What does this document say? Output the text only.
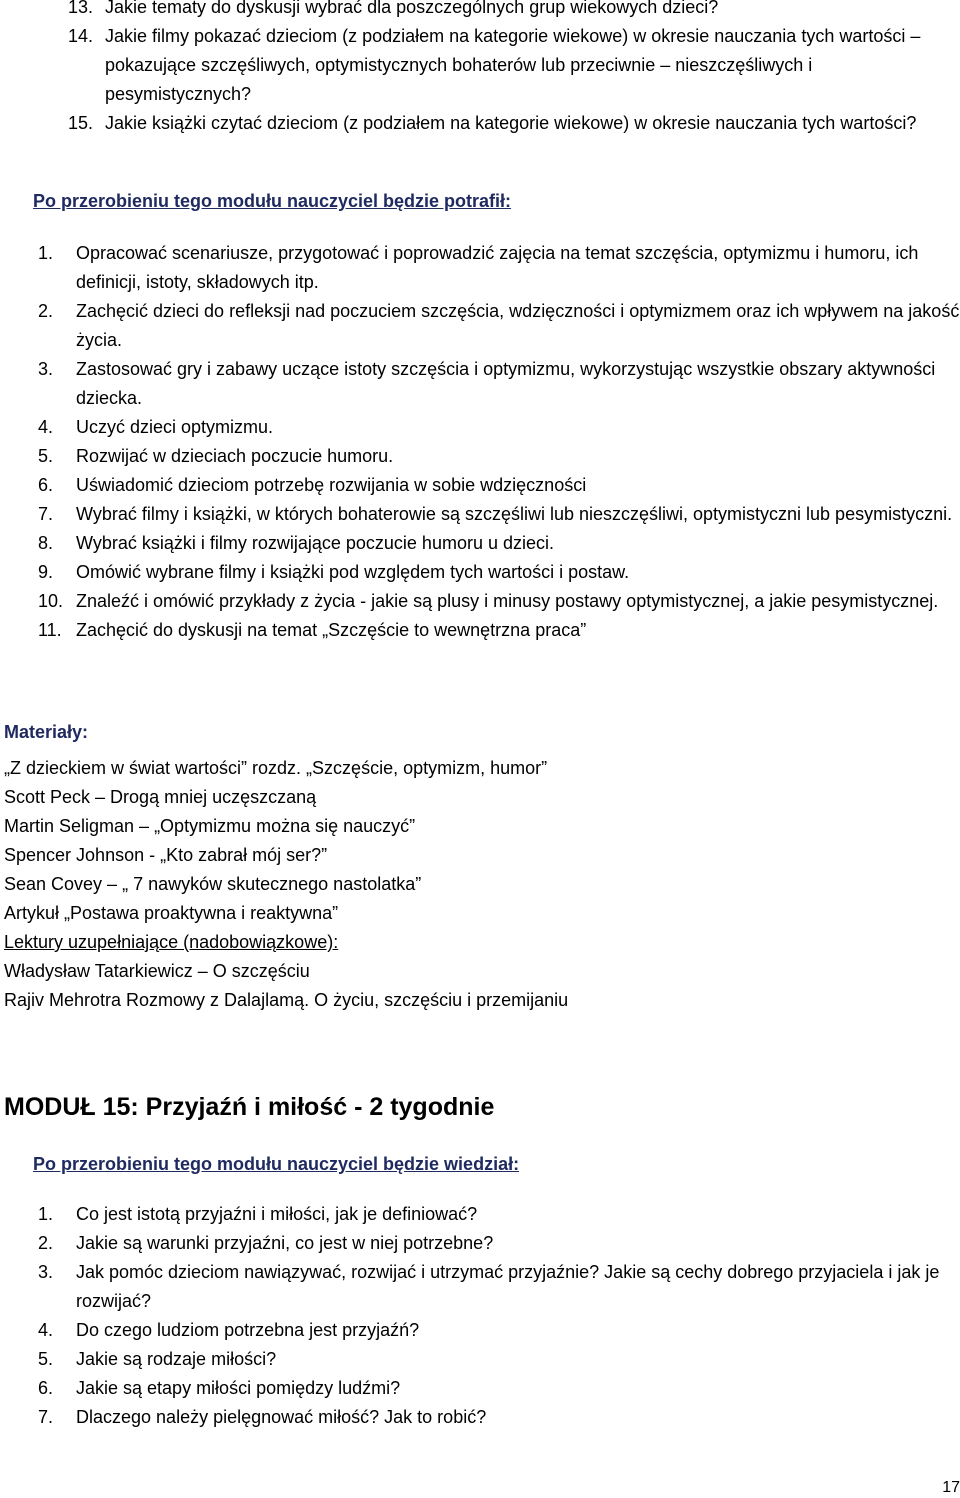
13. Jakie tematy do dyskusji wybrać dla poszczególnych grup wiekowych dzieci?
14. Jakie filmy pokazać dzieciom (z podziałem na kategorie wiekowe) w okresie nauczania tych wartości – pokazujące szczęśliwych, optymistycznych bohaterów lub przeciwnie – nieszczęśliwych i pesymistycznych?
15. Jakie książki czytać dzieciom (z podziałem na kategorie wiekowe) w okresie nauczania tych wartości?
Po przerobieniu tego modułu nauczyciel będzie potrafił:
1. Opracować scenariusze, przygotować i poprowadzić zajęcia na temat szczęścia, optymizmu i humoru, ich definicji, istoty, składowych itp.
2. Zachęcić dzieci do refleksji nad poczuciem szczęścia, wdzięczności i optymizmem oraz ich wpływem na jakość życia.
3. Zastosować gry i zabawy uczące istoty szczęścia i optymizmu, wykorzystując wszystkie obszary aktywności dziecka.
4. Uczyć dzieci optymizmu.
5. Rozwijać w dzieciach poczucie humoru.
6. Uświadomić dzieciom potrzebę rozwijania w sobie wdzięczności
7. Wybrać filmy i książki, w których bohaterowie są szczęśliwi lub nieszczęśliwi, optymistyczni lub pesymistyczni.
8. Wybrać książki i filmy rozwijające poczucie humoru u dzieci.
9. Omówić wybrane filmy i książki pod względem tych wartości i postaw.
10. Znaleźć i omówić przykłady z życia - jakie są plusy i minusy postawy optymistycznej, a jakie pesymistycznej.
11. Zachęcić do dyskusji na temat „Szczęście to wewnętrzna praca”
Materiały:
„Z dzieckiem w świat wartości” rozdz. „Szczęście, optymizm, humor”
Scott Peck – Drogą mniej uczęszczaną
Martin Seligman – „Optymizmu można się nauczyć”
Spencer Johnson - „Kto zabrał mój ser?”
Sean Covey – „ 7 nawyków skutecznego nastolatka”
Artykuł „Postawa proaktywna i reaktywna”
Lektury uzupełniające (nadobowiązkowe):
Władysław Tatarkiewicz – O szczęściu
Rajiv Mehrotra Rozmowy z Dalajlamą. O życiu, szczęściu i przemijaniu
MODUŁ 15: Przyjaźń i miłość - 2 tygodnie
Po przerobieniu tego modułu nauczyciel będzie wiedział:
1. Co jest istotą przyjaźni i miłości, jak je definiować?
2. Jakie są warunki przyjaźni, co jest w niej potrzebne?
3. Jak pomóc dzieciom nawiązywać, rozwijać i utrzymać przyjaźnie? Jakie są cechy dobrego przyjaciela i jak je rozwijać?
4. Do czego ludziom potrzebna jest przyjaźń?
5. Jakie są rodzaje miłości?
6. Jakie są etapy miłości pomiędzy ludźmi?
7. Dlaczego należy pielęgnować miłość? Jak to robić?
17
